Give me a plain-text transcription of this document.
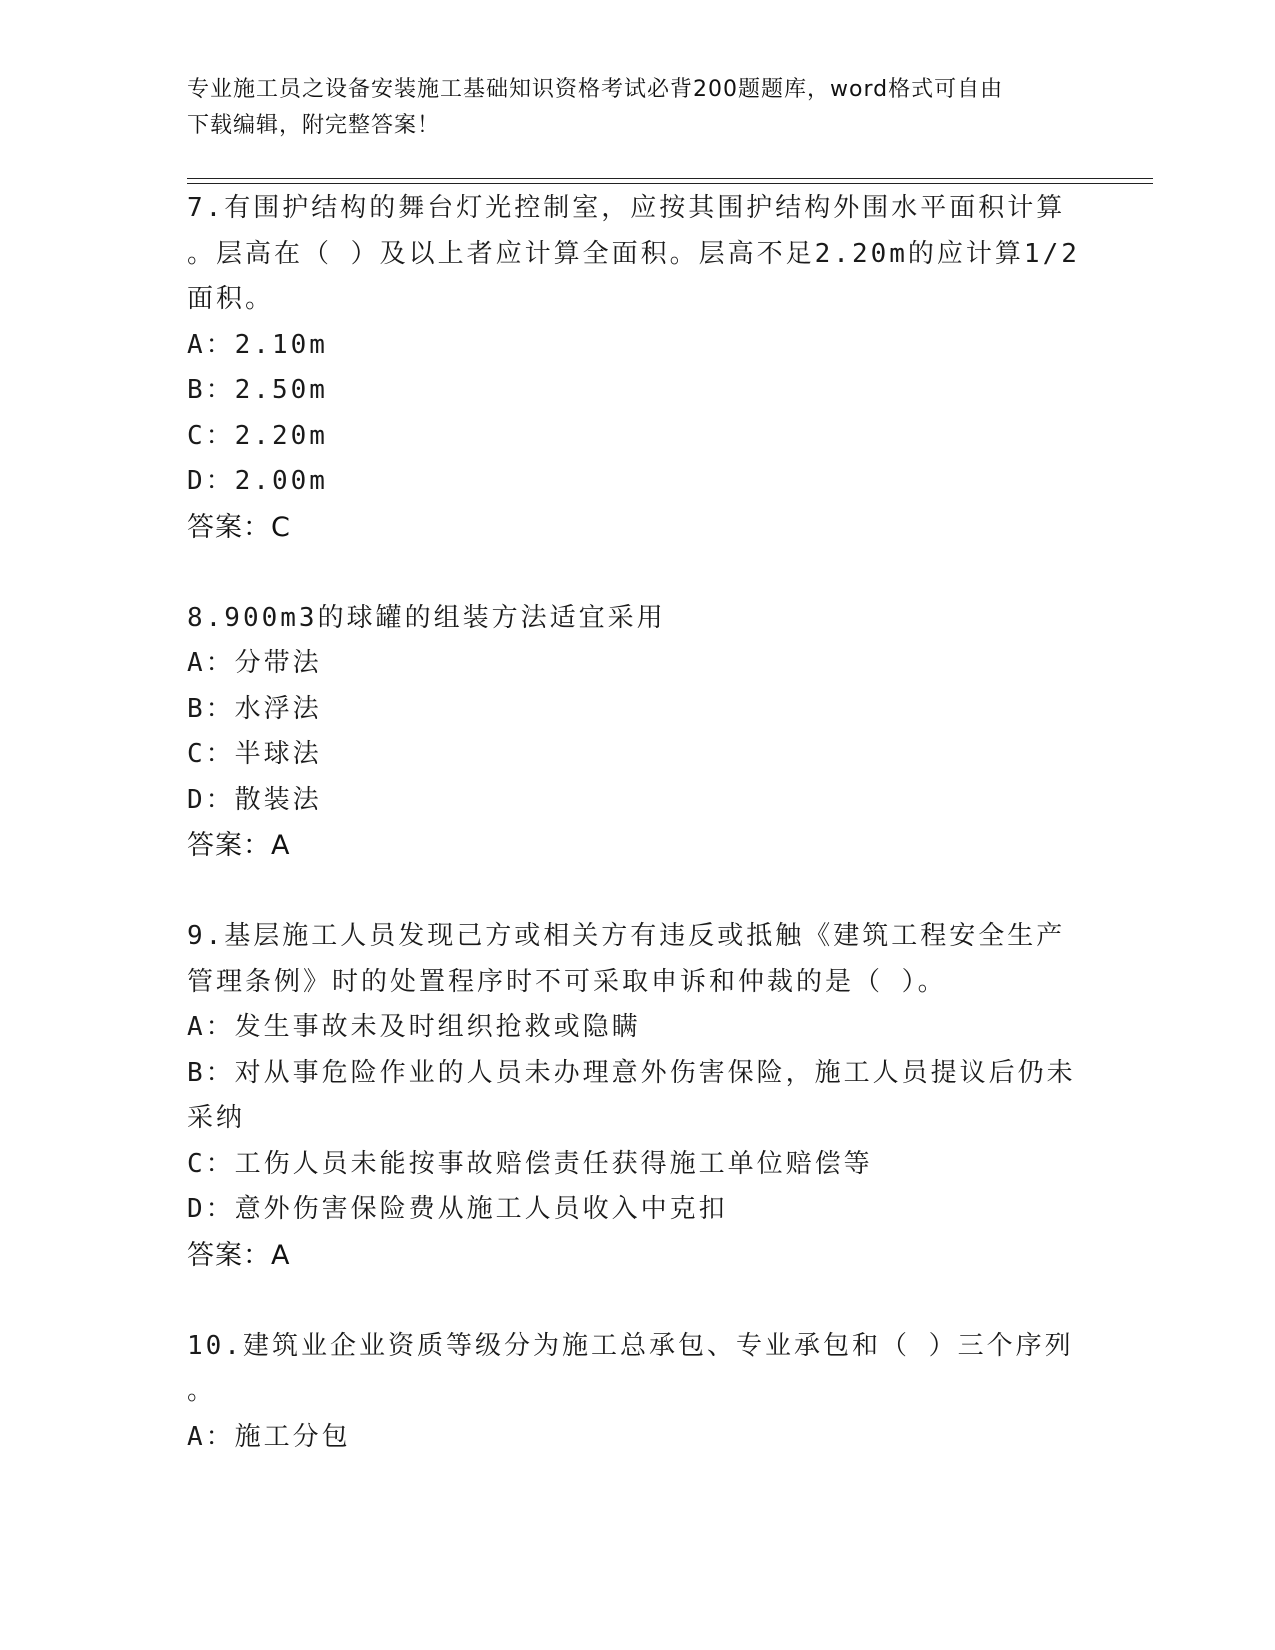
专业施工员之设备安装施工基础知识资格考试必背200题题库，word格式可自由
下载编辑，附完整答案！
7.有围护结构的舞台灯光控制室，应按其围护结构外围水平面积计算
。层高在（ ）及以上者应计算全面积。层高不足2.20m的应计算1/2
面积。
A：2.10m
B：2.50m
C：2.20m
D：2.00m
答案：C
8.900m3的球罐的组装方法适宜采用
A：分带法
B：水浮法
C：半球法
D：散装法
答案：A
9.基层施工人员发现己方或相关方有违反或抵触《建筑工程安全生产
管理条例》时的处置程序时不可采取申诉和仲裁的是（ ）。
A：发生事故未及时组织抢救或隐瞒
B：对从事危险作业的人员未办理意外伤害保险，施工人员提议后仍未
采纳
C：工伤人员未能按事故赔偿责任获得施工单位赔偿等
D：意外伤害保险费从施工人员收入中克扣
答案：A
10.建筑业企业资质等级分为施工总承包、专业承包和（ ）三个序列
。
A：施工分包
